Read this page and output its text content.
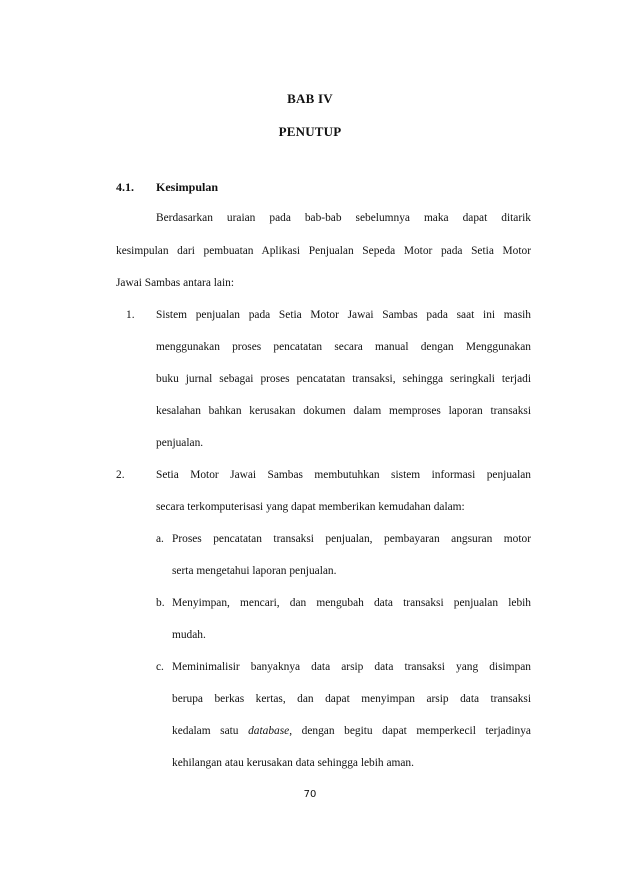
BAB IV
PENUTUP
4.1. Kesimpulan
Berdasarkan uraian pada bab-bab sebelumnya maka dapat ditarik
kesimpulan dari pembuatan Aplikasi Penjualan Sepeda Motor pada Setia Motor
Jawai Sambas antara lain:
1. Sistem penjualan pada Setia Motor Jawai Sambas pada saat ini masih
menggunakan proses pencatatan secara manual dengan Menggunakan
buku jurnal sebagai proses pencatatan transaksi, sehingga seringkali terjadi
kesalahan bahkan kerusakan dokumen dalam memproses laporan transaksi
penjualan.
2.	Setia Motor Jawai Sambas membutuhkan sistem informasi penjualan
secara terkomputerisasi yang dapat memberikan kemudahan dalam:
a. Proses pencatatan transaksi penjualan, pembayaran angsuran motor
serta mengetahui laporan penjualan.
b. Menyimpan, mencari, dan mengubah data transaksi penjualan lebih
mudah.
c. Meminimalisir banyaknya data arsip data transaksi yang disimpan
berupa berkas kertas, dan dapat menyimpan arsip data transaksi
kedalam satu database, dengan begitu dapat memperkecil terjadinya
kehilangan atau kerusakan data sehingga lebih aman.
70
